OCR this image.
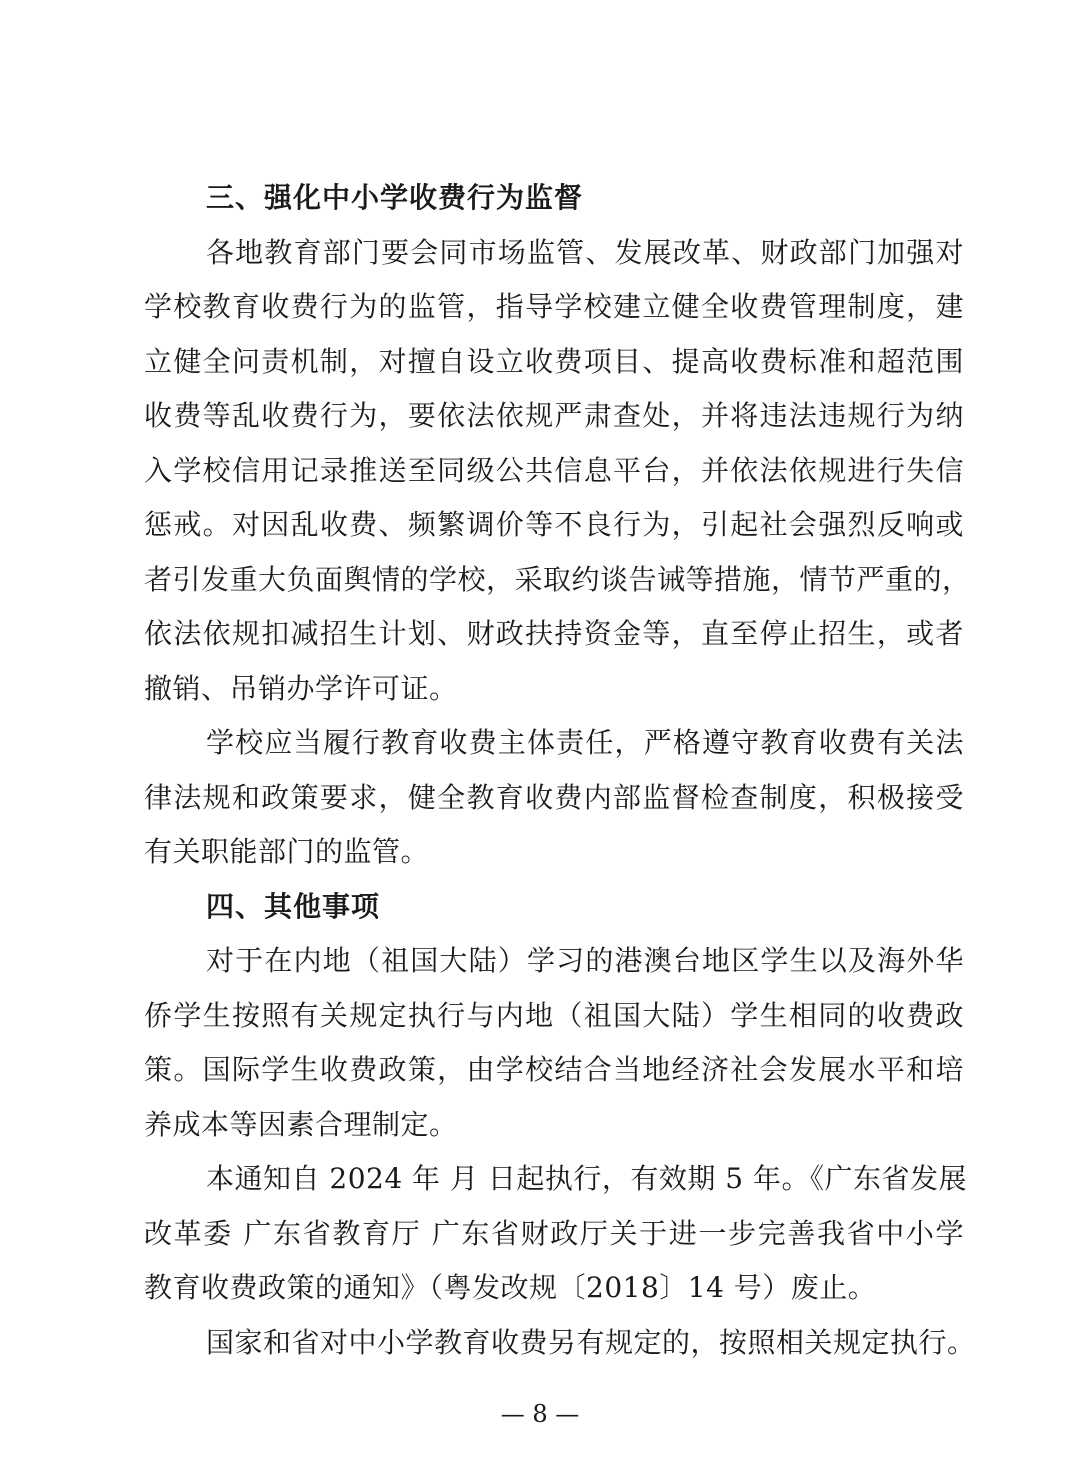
三、强化中小学收费行为监督
各地教育部门要会同市场监管、发展改革、财政部门加强对
学校教育收费行为的监管，指导学校建立健全收费管理制度，建
立健全问责机制，对擅自设立收费项目、提高收费标准和超范围
收费等乱收费行为，要依法依规严肃查处，并将违法违规行为纳
入学校信用记录推送至同级公共信息平台，并依法依规进行失信
惩戒。对因乱收费、频繁调价等不良行为，引起社会强烈反响或
者引发重大负面舆情的学校，采取约谈告诫等措施，情节严重的，
依法依规扣减招生计划、财政扶持资金等，直至停止招生，或者
撤销、吊销办学许可证。
学校应当履行教育收费主体责任，严格遵守教育收费有关法
律法规和政策要求，健全教育收费内部监督检查制度，积极接受
有关职能部门的监管。
四、其他事项
对于在内地（祖国大陆）学习的港澳台地区学生以及海外华
侨学生按照有关规定执行与内地（祖国大陆）学生相同的收费政
策。国际学生收费政策，由学校结合当地经济社会发展水平和培
养成本等因素合理制定。
本通知自 2024 年 月 日起执行，有效期 5 年。《广东省发展
改革委 广东省教育厅 广东省财政厅关于进一步完善我省中小学
教育收费政策的通知》（粤发改规〔2018〕14 号）废止。
国家和省对中小学教育收费另有规定的，按照相关规定执行。
— 8 —
